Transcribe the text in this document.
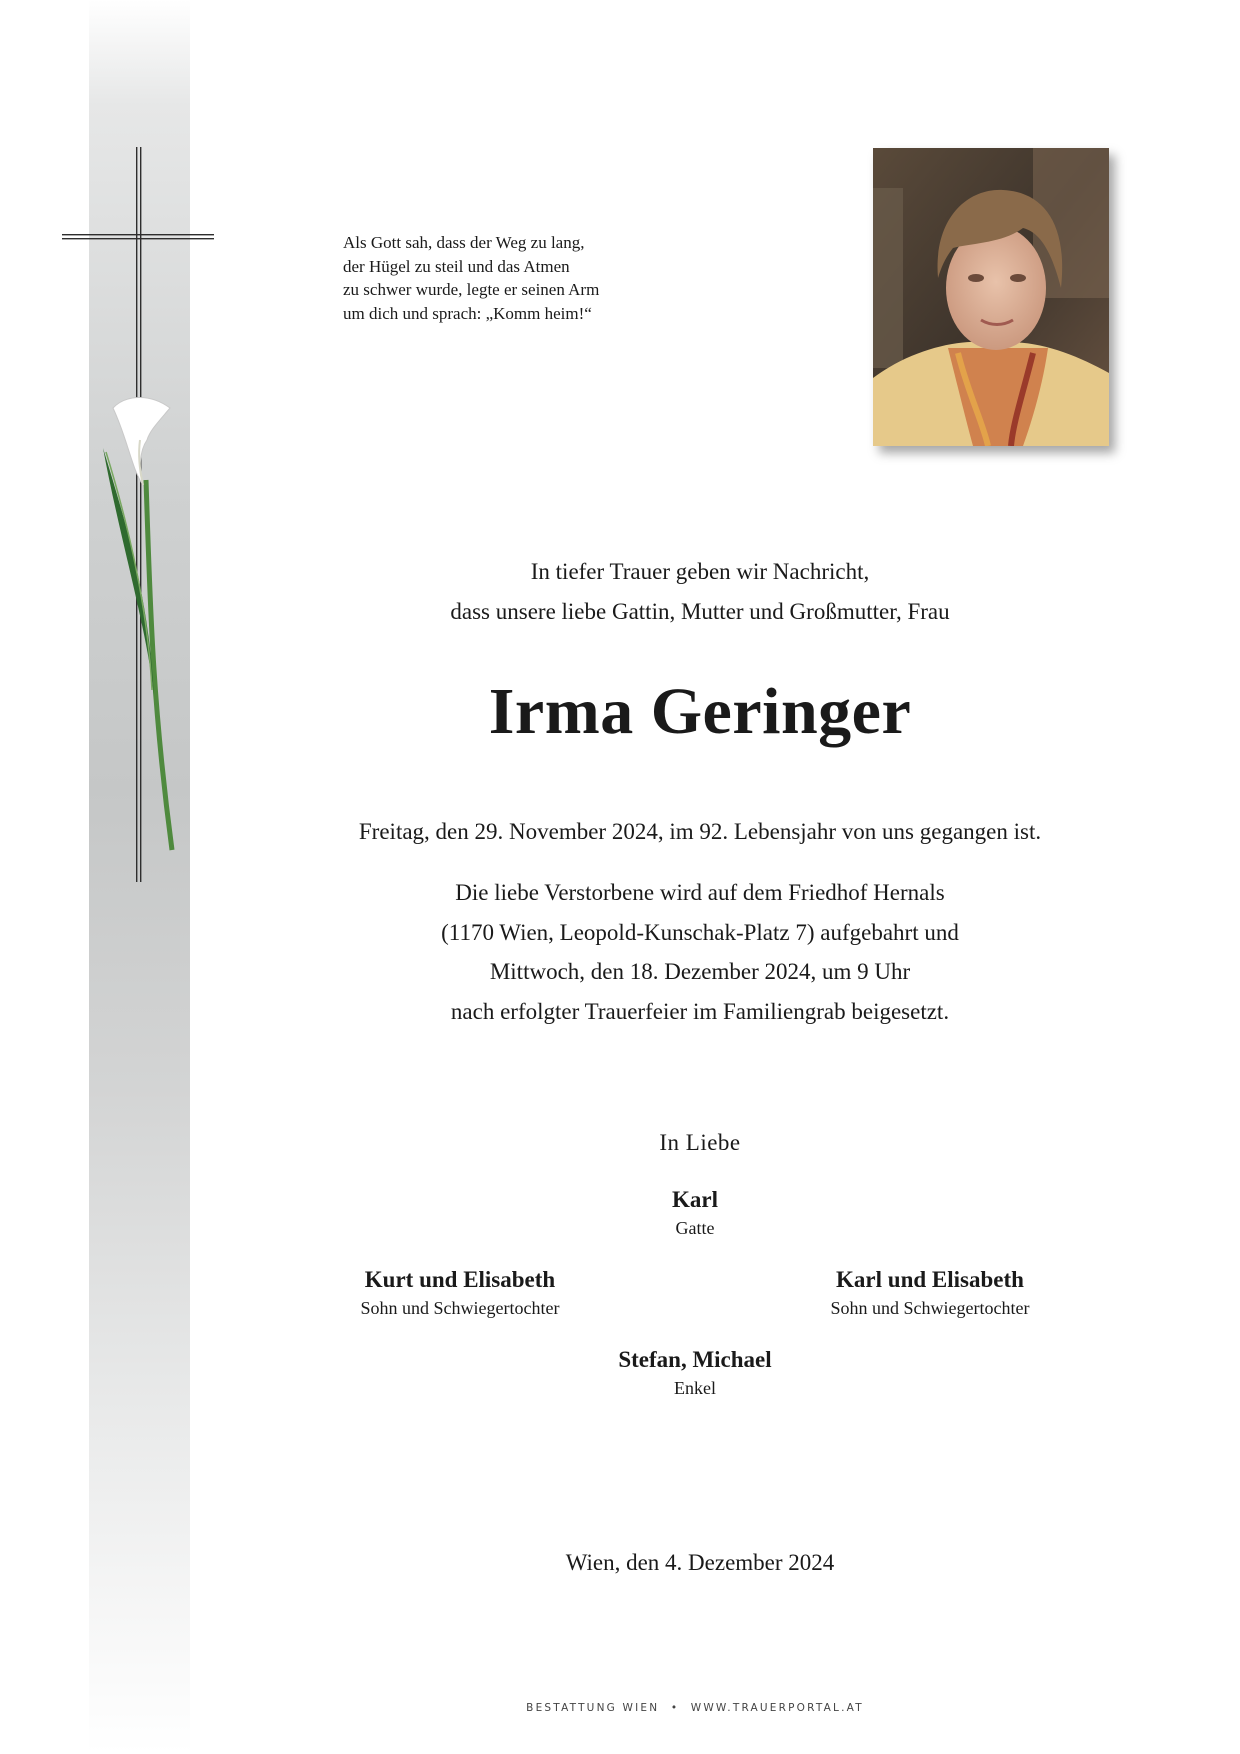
Als Gott sah, dass der Weg zu lang,
der Hügel zu steil und das Atmen
zu schwer wurde, legte er seinen Arm
um dich und sprach: „Komm heim!“
In tiefer Trauer geben wir Nachricht,
dass unsere liebe Gattin, Mutter und Großmutter, Frau
Irma Geringer
Freitag, den 29. November 2024, im 92. Lebensjahr von uns gegangen ist.
Die liebe Verstorbene wird auf dem Friedhof Hernals
(1170 Wien, Leopold-Kunschak-Platz 7) aufgebahrt und
Mittwoch, den 18. Dezember 2024, um 9 Uhr
nach erfolgter Trauerfeier im Familiengrab beigesetzt.
In Liebe
Karl
Gatte
Kurt und Elisabeth
Sohn und Schwiegertochter
Karl und Elisabeth
Sohn und Schwiegertochter
Stefan, Michael
Enkel
Wien, den 4. Dezember 2024
BESTATTUNG WIEN • WWW.TRAUERPORTAL.AT
